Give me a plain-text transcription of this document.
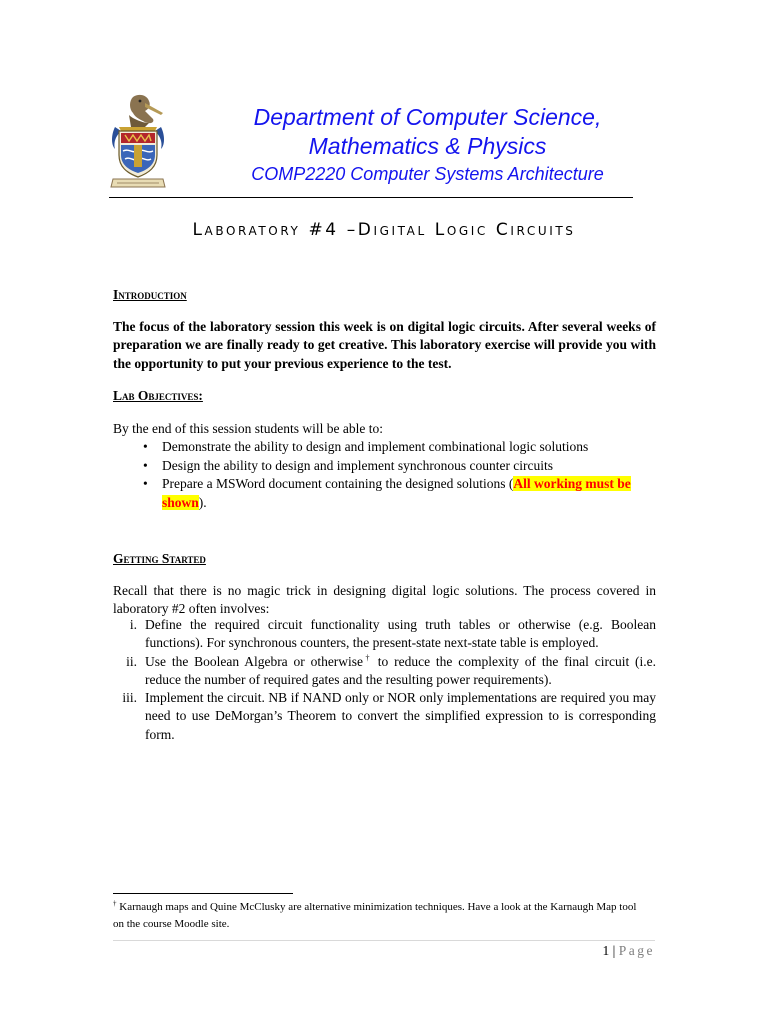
Department of Computer Science,
Mathematics & Physics
COMP2220 Computer Systems Architecture
Laboratory #4 –Digital Logic Circuits
Introduction
The focus of the laboratory session this week is on digital logic circuits. After several weeks of preparation we are finally ready to get creative. This laboratory exercise will provide you with the opportunity to put your previous experience to the test.
Lab Objectives:
By the end of this session students will be able to:
• Demonstrate the ability to design and implement combinational logic solutions
• Design the ability to design and implement synchronous counter circuits
• Prepare a MSWord document containing the designed solutions (All working must be shown).
Getting Started
Recall that there is no magic trick in designing digital logic solutions. The process covered in laboratory #2 often involves:
i. Define the required circuit functionality using truth tables or otherwise (e.g. Boolean functions). For synchronous counters, the present-state next-state table is employed.
ii. Use the Boolean Algebra or otherwise† to reduce the complexity of the final circuit (i.e. reduce the number of required gates and the resulting power requirements).
iii. Implement the circuit. NB if NAND only or NOR only implementations are required you may need to use DeMorgan’s Theorem to convert the simplified expression to is corresponding form.
† Karnaugh maps and Quine McClusky are alternative minimization techniques. Have a look at the Karnaugh Map tool on the course Moodle site.
1 | Page
